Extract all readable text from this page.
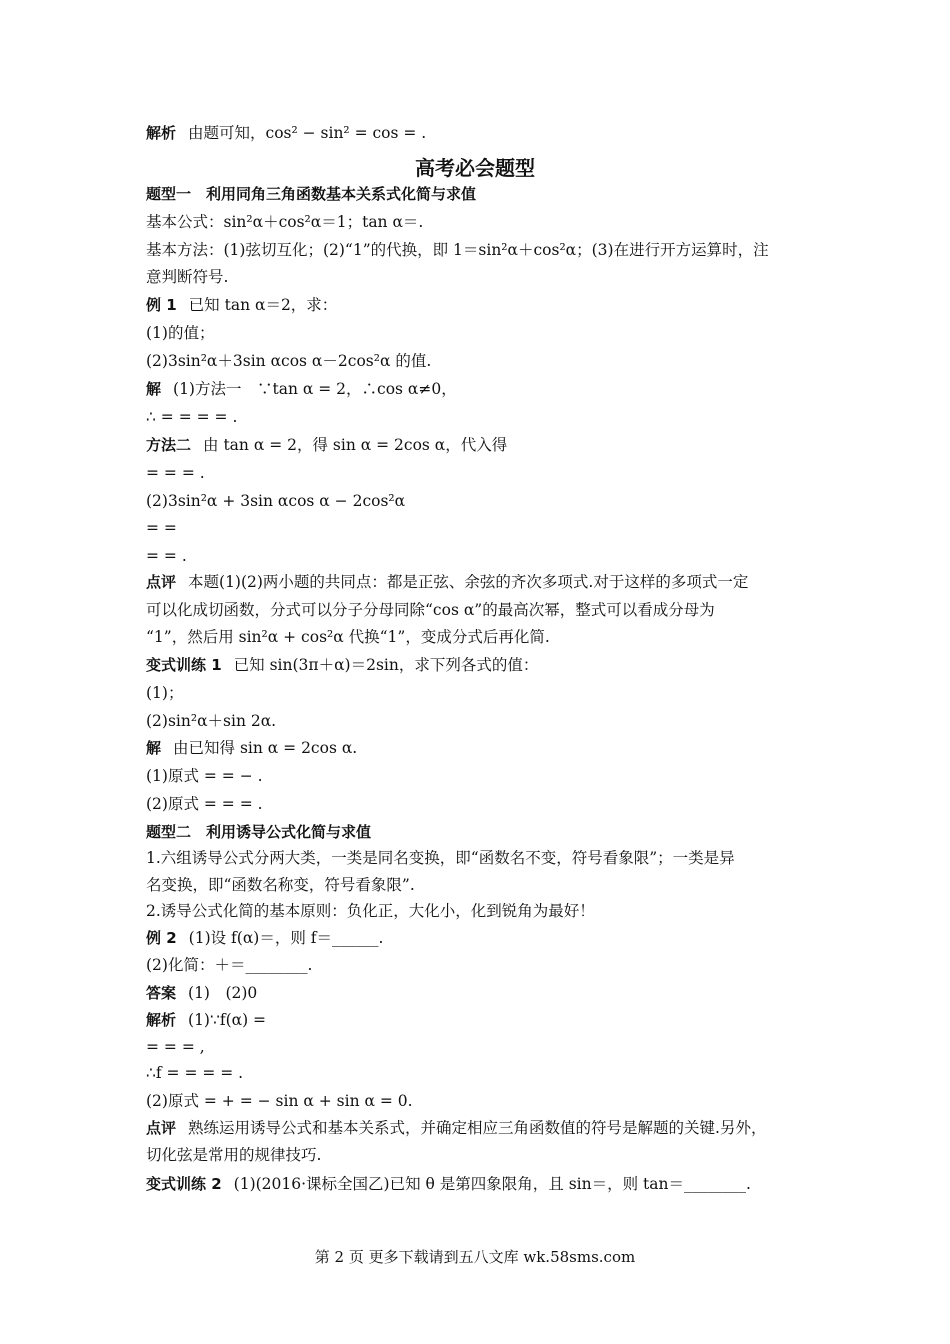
解析 由题可知，cos² − sin² = cos = .
高考必会题型
题型一　利用同角三角函数基本关系式化简与求值
基本公式：sin²α＋cos²α＝1；tan α＝.
基本方法：(1)弦切互化；(2)“1”的代换，即 1＝sin²α＋cos²α；(3)在进行开方运算时，注
意判断符号.
例 1 已知 tan α＝2，求：
(1)的值；
(2)3sin²α＋3sin αcos α－2cos²α 的值.
解 (1)方法一　∵tan α = 2，∴cos α≠0，
∴ = = = = .
方法二 由 tan α = 2，得 sin α = 2cos α，代入得
= = = .
(2)3sin²α + 3sin αcos α − 2cos²α
= =
= = .
点评 本题(1)(2)两小题的共同点：都是正弦、余弦的齐次多项式.对于这样的多项式一定
可以化成切函数，分式可以分子分母同除“cos α”的最高次幂，整式可以看成分母为
“1”，然后用 sin²α + cos²α 代换“1”，变成分式后再化简.
变式训练 1 已知 sin(3π＋α)＝2sin，求下列各式的值：
(1)；
(2)sin²α＋sin 2α.
解 由已知得 sin α = 2cos α.
(1)原式 = = − .
(2)原式 = = = .
题型二　利用诱导公式化简与求值
1.六组诱导公式分两大类，一类是同名变换，即“函数名不变，符号看象限”；一类是异
名变换，即“函数名称变，符号看象限”.
2.诱导公式化简的基本原则：负化正，大化小，化到锐角为最好！
例 2 (1)设 f(α)＝，则 f＝______.
(2)化简：＋＝________.
答案 (1)　(2)0
解析 (1)∵f(α) =
= = = ,
∴f = = = = .
(2)原式 = + = − sin α + sin α = 0.
点评 熟练运用诱导公式和基本关系式，并确定相应三角函数值的符号是解题的关键.另外，
切化弦是常用的规律技巧.
变式训练 2 (1)(2016·课标全国乙)已知 θ 是第四象限角，且 sin＝，则 tan＝________.
第 2 页 更多下载请到五八文库 wk.58sms.com
